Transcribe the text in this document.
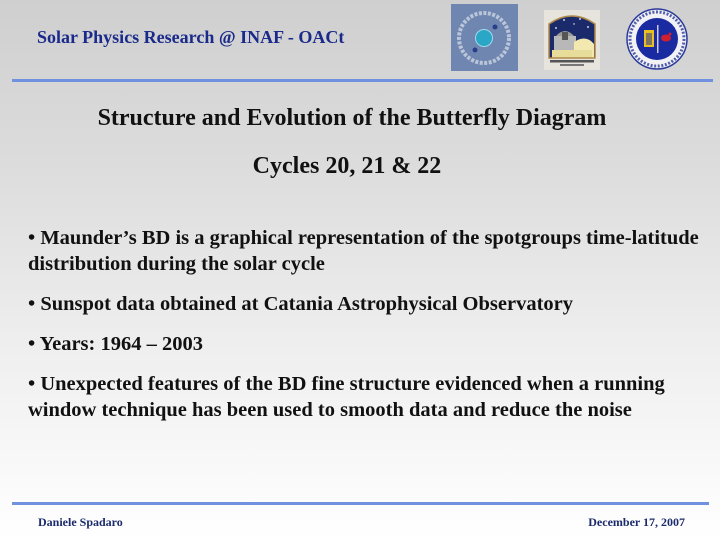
Solar Physics Research @ INAF - OACt
Structure and Evolution of the Butterfly Diagram
Cycles 20, 21 & 22
• Maunder’s BD is a graphical representation of the spotgroups time-latitude distribution during the solar cycle
• Sunspot data obtained at Catania Astrophysical Observatory
• Years: 1964 – 2003
• Unexpected features of the BD fine structure evidenced when a running window technique has been used to smooth data and reduce the noise
Daniele Spadaro	December 17, 2007
